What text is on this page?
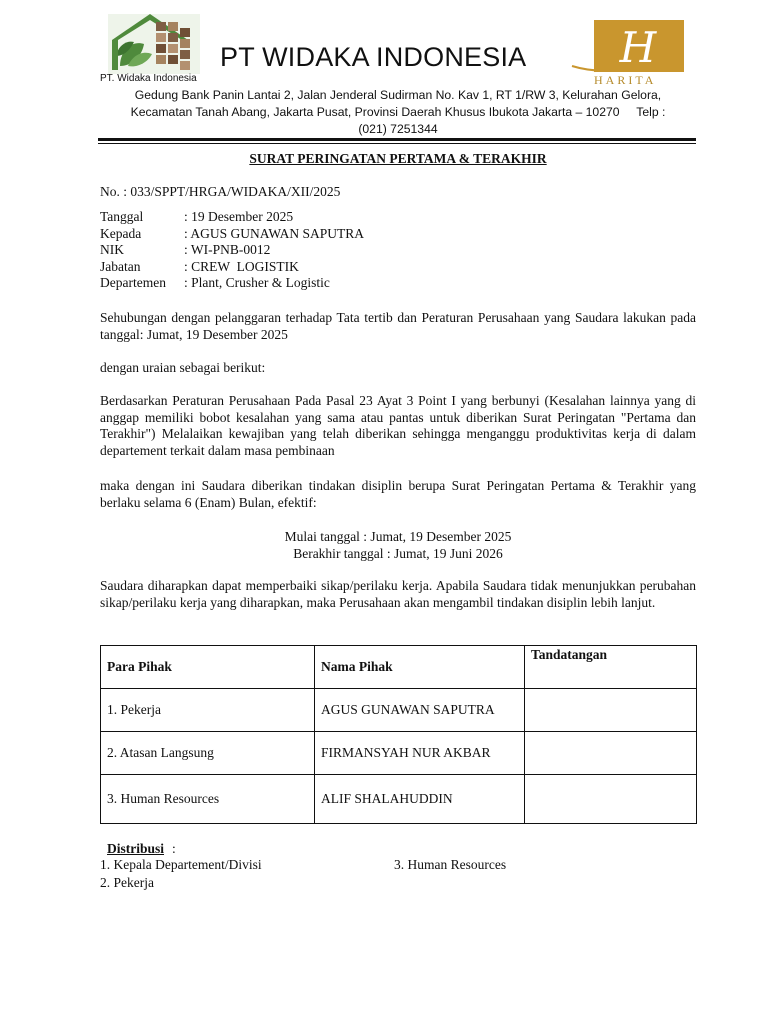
PT. Widaka Indonesia
PT WIDAKA INDONESIA H
HARITA
Gedung Bank Panin Lantai 2, Jalan Jenderal Sudirman No. Kav 1, RT 1/RW 3, Kelurahan Gelora,
Kecamatan Tanah Abang, Jakarta Pusat, Provinsi Daerah Khusus Ibukota Jakarta – 10270     Telp :
(021) 7251344
SURAT PERINGATAN PERTAMA & TERAKHIR
No. : 033/SPPT/HRGA/WIDAKA/XII/2025
Tanggal	: 19 Desember 2025
Kepada	: AGUS GUNAWAN SAPUTRA
NIK	: WI-PNB-0012
Jabatan	: CREW  LOGISTIK
Departemen	: Plant, Crusher & Logistic
Sehubungan dengan pelanggaran terhadap Tata tertib dan Peraturan Perusahaan yang Saudara lakukan pada tanggal: Jumat, 19 Desember 2025
dengan uraian sebagai berikut:
Berdasarkan Peraturan Perusahaan Pada Pasal 23 Ayat 3 Point I yang berbunyi (Kesalahan lainnya yang di anggap memiliki bobot kesalahan yang sama atau pantas untuk diberikan Surat Peringatan "Pertama dan Terakhir") Melalaikan kewajiban yang telah diberikan sehingga menganggu produktivitas kerja di dalam departement terkait dalam masa pembinaan
maka dengan ini Saudara diberikan tindakan disiplin berupa Surat Peringatan Pertama & Terakhir yang berlaku selama 6 (Enam) Bulan, efektif:
Mulai tanggal : Jumat, 19 Desember 2025
Berakhir tanggal : Jumat, 19 Juni 2026
Saudara diharapkan dapat memperbaiki sikap/perilaku kerja. Apabila Saudara tidak menunjukkan perubahan sikap/perilaku kerja yang diharapkan, maka Perusahaan akan mengambil tindakan disiplin lebih lanjut.
Para Pihak	Nama Pihak	Tandatangan
1. Pekerja	AGUS GUNAWAN SAPUTRA	
2. Atasan Langsung	FIRMANSYAH NUR AKBAR	
3. Human Resources	ALIF SHALAHUDDIN	
Distribusi :
1. Kepala Departement/Divisi
2. Pekerja
3. Human Resources
